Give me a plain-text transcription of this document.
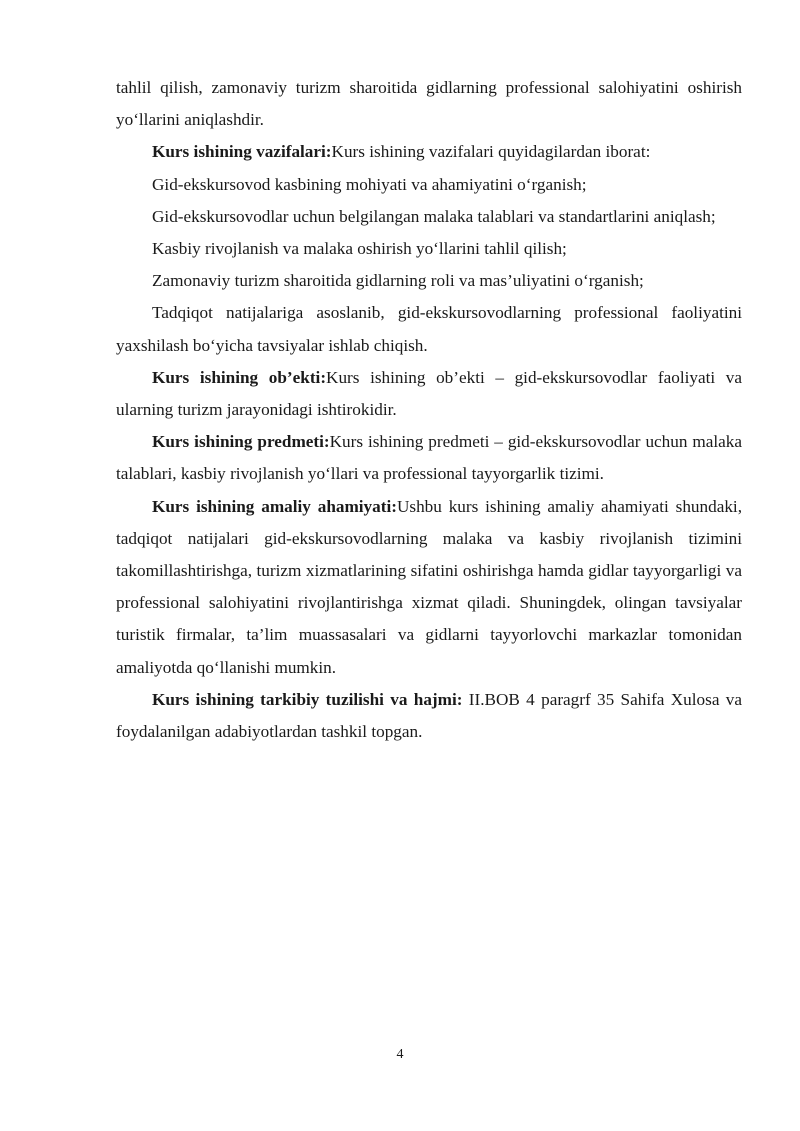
tahlil qilish, zamonaviy turizm sharoitida gidlarning professional salohiyatini oshirish yo‘llarini aniqlashdir.

Kurs ishining vazifalari:Kurs ishining vazifalari quyidagilardan iborat:

Gid-ekskursovod kasbining mohiyati va ahamiyatini o‘rganish;

Gid-ekskursovodlar uchun belgilangan malaka talablari va standartlarini aniqlash;

Kasbiy rivojlanish va malaka oshirish yo‘llarini tahlil qilish;

Zamonaviy turizm sharoitida gidlarning roli va mas’uliyatini o‘rganish;

Tadqiqot natijalariga asoslanib, gid-ekskursovodlarning professional faoliyatini yaxshilash bo‘yicha tavsiyalar ishlab chiqish.

Kurs ishining ob’ekti:Kurs ishining ob’ekti – gid-ekskursovodlar faoliyati va ularning turizm jarayonidagi ishtirokidir.

Kurs ishining predmeti:Kurs ishining predmeti – gid-ekskursovodlar uchun malaka talablari, kasbiy rivojlanish yo‘llari va professional tayyorgarlik tizimi.

Kurs ishining amaliy ahamiyati:Ushbu kurs ishining amaliy ahamiyati shundaki, tadqiqot natijalari gid-ekskursovodlarning malaka va kasbiy rivojlanish tizimini takomillashtirishga, turizm xizmatlarining sifatini oshirishga hamda gidlar tayyorgarligi va professional salohiyatini rivojlantirishga xizmat qiladi. Shuningdek, olingan tavsiyalar turistik firmalar, ta’lim muassasalari va gidlarni tayyorlovchi markazlar tomonidan amaliyotda qo‘llanishi mumkin.

Kurs ishining tarkibiy tuzilishi va hajmi: II.BOB 4 paragrf 35 Sahifa Xulosa va foydalanilgan adabiyotlardan tashkil topgan.

4
